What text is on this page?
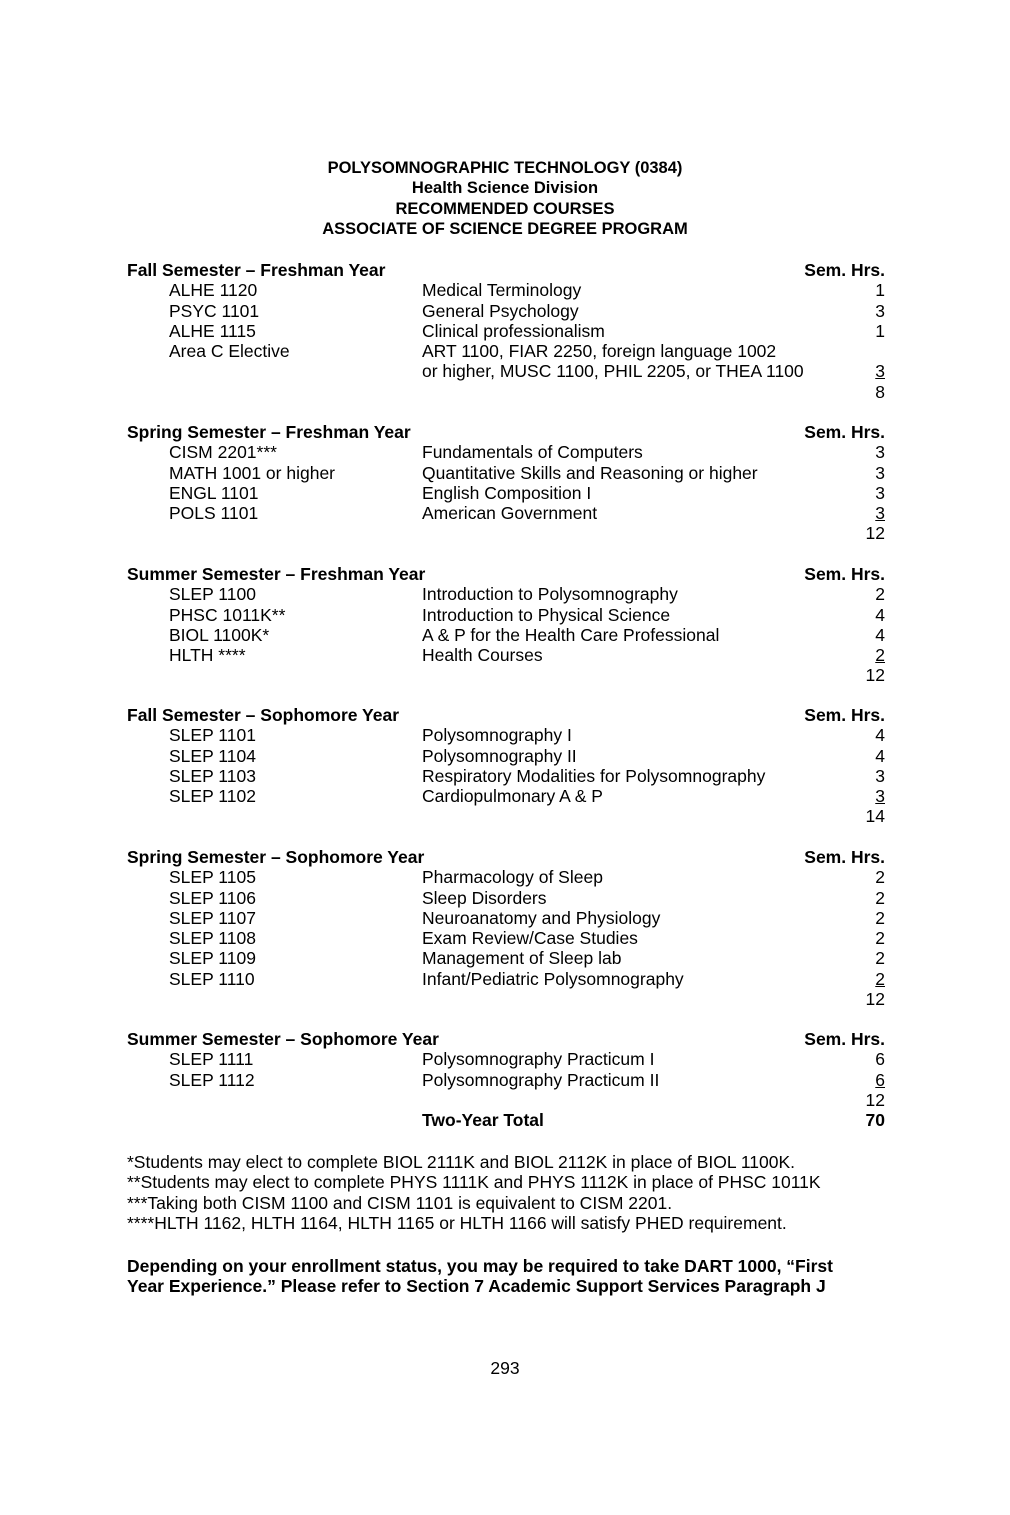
POLYSOMNOGRAPHIC TECHNOLOGY (0384)
Health Science Division
RECOMMENDED COURSES
ASSOCIATE OF SCIENCE DEGREE PROGRAM
Fall Semester – Freshman Year	Sem. Hrs.
ALHE 1120	Medical Terminology	1
PSYC 1101	General Psychology	3
ALHE 1115	Clinical professionalism	1
Area C Elective	ART 1100, FIAR 2250, foreign language 1002
or higher, MUSC 1100, PHIL 2205, or THEA 1100	3
8
Spring Semester – Freshman Year	Sem. Hrs.
CISM 2201***	Fundamentals of Computers	3
MATH 1001 or higher	Quantitative Skills and Reasoning or higher	3
ENGL 1101	English Composition I	3
POLS 1101	American Government	3
12
Summer Semester – Freshman Year	Sem. Hrs.
SLEP 1100	Introduction to Polysomnography	2
PHSC 1011K**	Introduction to Physical Science	4
BIOL 1100K*	A & P for the Health Care Professional	4
HLTH ****	Health Courses	2
12
Fall Semester – Sophomore Year	Sem. Hrs.
SLEP 1101	Polysomnography I	4
SLEP 1104	Polysomnography II	4
SLEP 1103	Respiratory Modalities for Polysomnography	3
SLEP 1102	Cardiopulmonary A & P	3
14
Spring Semester – Sophomore Year	Sem. Hrs.
SLEP 1105	Pharmacology of Sleep	2
SLEP 1106	Sleep Disorders	2
SLEP 1107	Neuroanatomy and Physiology	2
SLEP 1108	Exam Review/Case Studies	2
SLEP 1109	Management of Sleep lab	2
SLEP 1110	Infant/Pediatric Polysomnography	2
12
Summer Semester – Sophomore Year	Sem. Hrs.
SLEP 1111	Polysomnography Practicum I	6
SLEP 1112	Polysomnography Practicum II	6
12
Two-Year Total	70
*Students may elect to complete BIOL 2111K and BIOL 2112K in place of BIOL 1100K.
**Students may elect to complete PHYS 1111K and PHYS 1112K in place of PHSC 1011K
***Taking both CISM 1100 and CISM 1101 is equivalent to CISM 2201.
****HLTH 1162, HLTH 1164, HLTH 1165 or HLTH 1166 will satisfy PHED requirement.
Depending on your enrollment status, you may be required to take DART 1000, “First
Year Experience.” Please refer to Section 7 Academic Support Services Paragraph J
293
